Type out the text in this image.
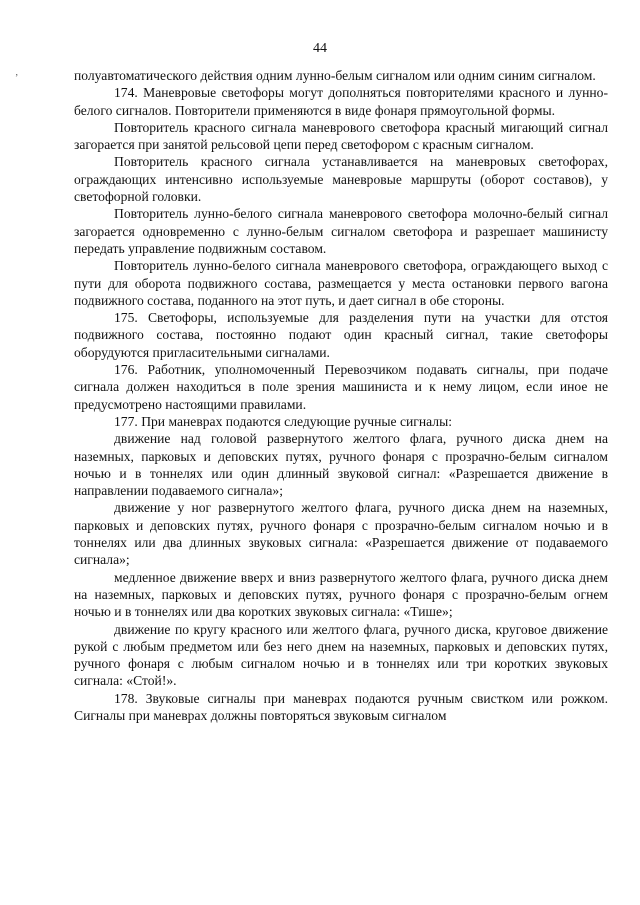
44
ʼ	полуавтоматического действия одним лунно-белым сигналом или одним синим сигналом.

174. Маневровые светофоры могут дополняться повторителями красного и лунно-белого сигналов. Повторители применяются в виде фонаря прямоугольной формы.

Повторитель красного сигнала маневрового светофора красный мигающий сигнал загорается при занятой рельсовой цепи перед светофором с красным сигналом.

Повторитель красного сигнала устанавливается на маневровых светофорах, ограждающих интенсивно используемые маневровые маршруты (оборот составов), у светофорной головки.

Повторитель лунно-белого сигнала маневрового светофора молочно-белый сигнал загорается одновременно с лунно-белым сигналом светофора и разрешает машинисту передать управление подвижным составом.

Повторитель лунно-белого сигнала маневрового светофора, ограждающего выход с пути для оборота подвижного состава, размещается у места остановки первого вагона подвижного состава, поданного на этот путь, и дает сигнал в обе стороны.

175. Светофоры, используемые для разделения пути на участки для отстоя подвижного состава, постоянно подают один красный сигнал, такие светофоры оборудуются пригласительными сигналами.

176. Работник, уполномоченный Перевозчиком подавать сигналы, при подаче сигнала должен находиться в поле зрения машиниста и к нему лицом, если иное не предусмотрено настоящими правилами.

177. При маневрах подаются следующие ручные сигналы:

движение над головой развернутого желтого флага, ручного диска днем на наземных, парковых и деповских путях, ручного фонаря с прозрачно-белым сигналом ночью и в тоннелях или один длинный звуковой сигнал: «Разрешается движение в направлении подаваемого сигнала»;

движение у ног развернутого желтого флага, ручного диска днем на наземных, парковых и деповских путях, ручного фонаря с прозрачно-белым сигналом ночью и в тоннелях или два длинных звуковых сигнала: «Разрешается движение от подаваемого сигнала»;

медленное движение вверх и вниз развернутого желтого флага, ручного диска днем на наземных, парковых и деповских путях, ручного фонаря с прозрачно-белым огнем ночью и в тоннелях или два коротких звуковых сигнала: «Тише»;

движение по кругу красного или желтого флага, ручного диска, круговое движение рукой с любым предметом или без него днем на наземных, парковых и деповских путях, ручного фонаря с любым сигналом ночью и в тоннелях или три коротких звуковых сигнала: «Стой!».

178. Звуковые сигналы при маневрах подаются ручным свистком или рожком. Сигналы при маневрах должны повторяться звуковым сигналом
